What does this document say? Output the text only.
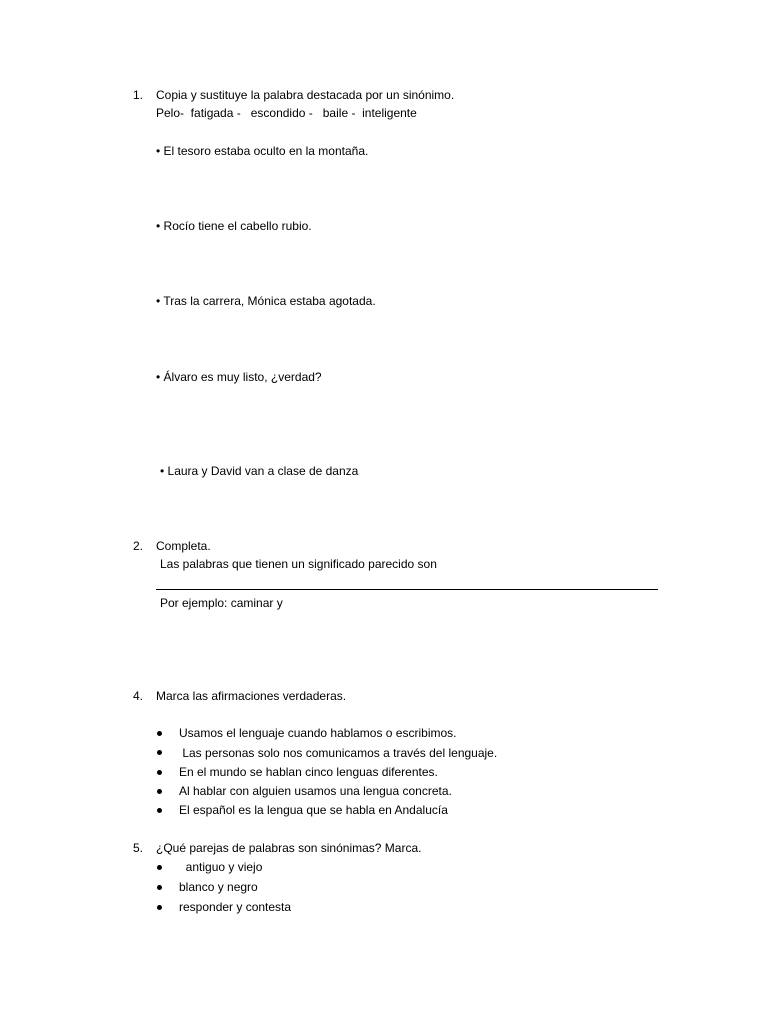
1. Copia y sustituye la palabra destacada por un sinónimo.
Pelo-  fatigada -   escondido -   baile -  inteligente
• El tesoro estaba oculto en la montaña.
• Rocío tiene el cabello rubio.
• Tras la carrera, Mónica estaba agotada.
• Álvaro es muy listo, ¿verdad?
• Laura y David van a clase de danza
2. Completa.
Las palabras que tienen un significado parecido son
Por ejemplo: caminar y
4. Marca las afirmaciones verdaderas.
Usamos el lenguaje cuando hablamos o escribimos.
Las personas solo nos comunicamos a través del lenguaje.
En el mundo se hablan cinco lenguas diferentes.
Al hablar con alguien usamos una lengua concreta.
El español es la lengua que se habla en Andalucía
5. ¿Qué parejas de palabras son sinónimas? Marca.
antiguo y viejo
blanco y negro
responder y contesta
